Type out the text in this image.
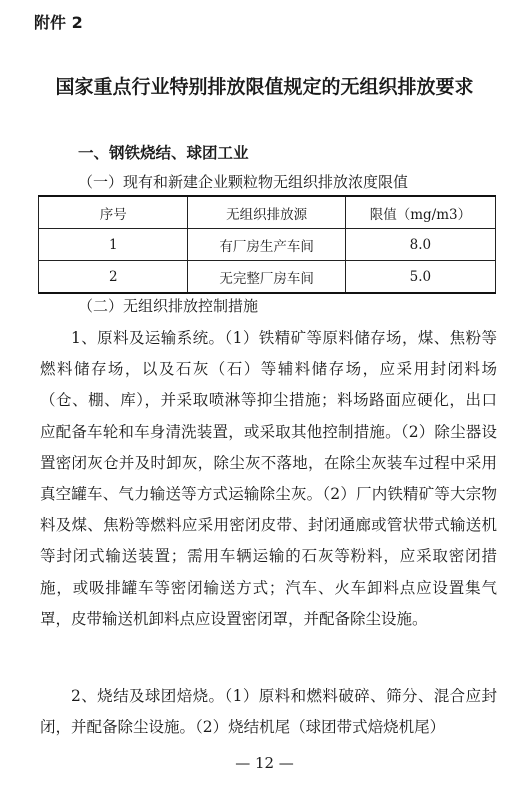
附件 2
国家重点行业特别排放限值规定的无组织排放要求
一、钢铁烧结、球团工业
（一）现有和新建企业颗粒物无组织排放浓度限值
序号	无组织排放源	限值（mg/m3）
1	有厂房生产车间	8.0
2	无完整厂房车间	5.0
（二）无组织排放控制措施
1、原料及运输系统。（1）铁精矿等原料储存场，煤、焦粉等燃料储存场，以及石灰（石）等辅料储存场，应采用封闭料场（仓、棚、库），并采取喷淋等抑尘措施；料场路面应硬化，出口应配备车轮和车身清洗装置，或采取其他控制措施。（2）除尘器设置密闭灰仓并及时卸灰，除尘灰不落地，在除尘灰装车过程中采用真空罐车、气力输送等方式运输除尘灰。（2）厂内铁精矿等大宗物料及煤、焦粉等燃料应采用密闭皮带、封闭通廊或管状带式输送机等封闭式输送装置；需用车辆运输的石灰等粉料，应采取密闭措施，或吸排罐车等密闭输送方式；汽车、火车卸料点应设置集气罩，皮带输送机卸料点应设置密闭罩，并配备除尘设施。
2、烧结及球团焙烧。（1）原料和燃料破碎、筛分、混合应封闭，并配备除尘设施。（2）烧结机尾（球团带式焙烧机尾）
— 12 —
